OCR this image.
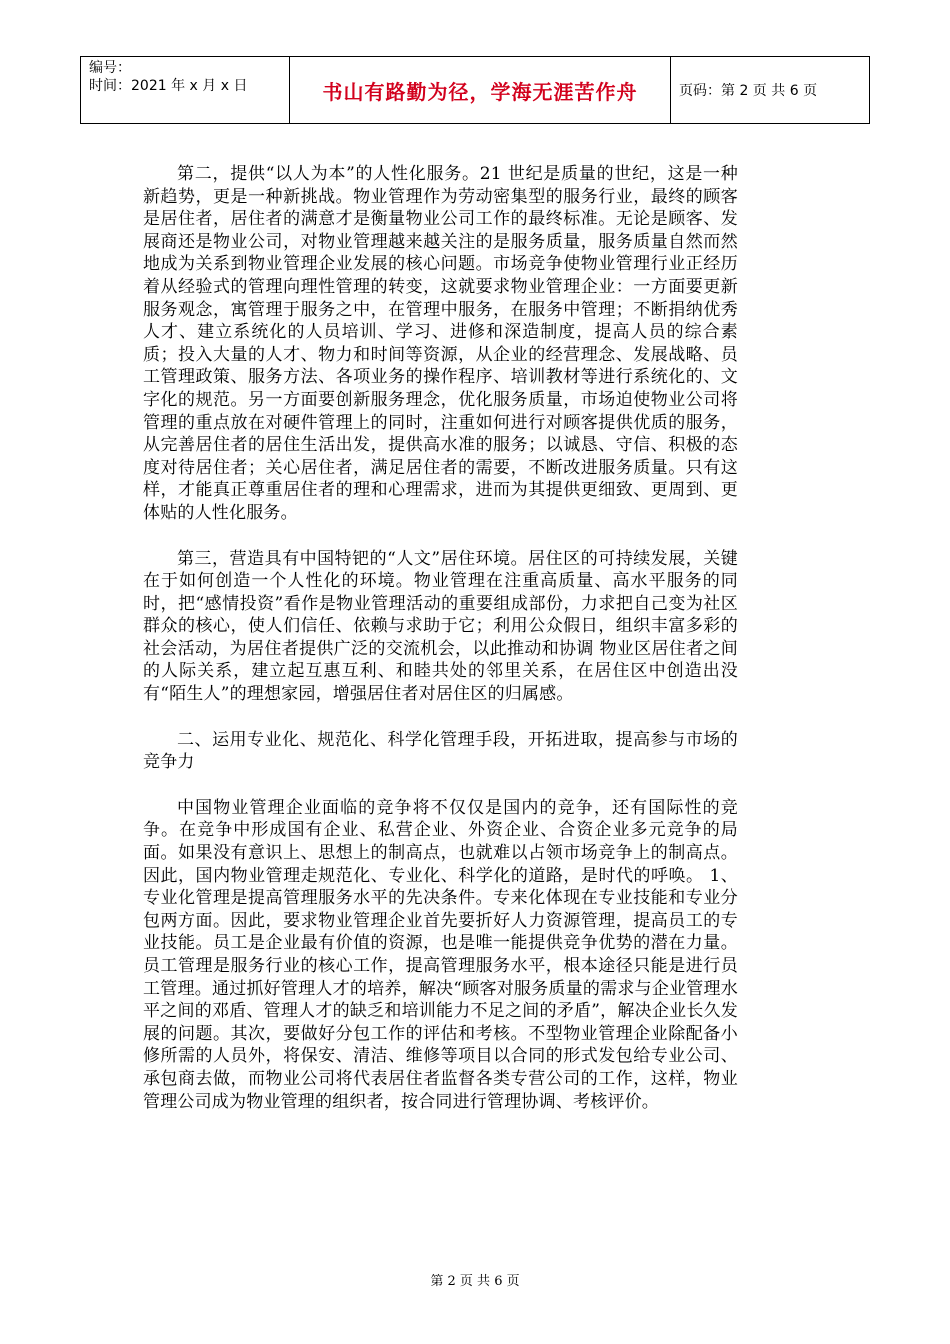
编号：
时间：2021 年 x 月 x 日	书山有路勤为径，学海无涯苦作舟	页码：第 2 页 共 6 页

第二，提供“以人为本”的人性化服务。21 世纪是质量的世纪，这是一种新趋势，更是一种新挑战。物业管理作为劳动密集型的服务行业，最终的顾客是居住者，居住者的满意才是衡量物业公司工作的最终标准。无论是顾客、发展商还是物业公司，对物业管理越来越关注的是服务质量，服务质量自然而然地成为关系到物业管理企业发展的核心问题。市场竞争使物业管理行业正经历着从经验式的管理向理性管理的转变，这就要求物业管理企业：一方面要更新服务观念，寓管理于服务之中，在管理中服务，在服务中管理；不断捐纳优秀人才、建立系统化的人员培训、学习、进修和深造制度，提高人员的综合素质；投入大量的人才、物力和时间等资源，从企业的经营理念、发展战略、员工管理政策、服务方法、各项业务的操作程序、培训教材等进行系统化的、文字化的规范。另一方面要创新服务理念，优化服务质量，市场迫使物业公司将管理的重点放在对硬件管理上的同时，注重如何进行对顾客提供优质的服务，从完善居住者的居住生活出发，提供高水准的服务；以诚恳、守信、积极的态度对待居住者；关心居住者，满足居住者的需要，不断改进服务质量。只有这样，才能真正尊重居住者的理和心理需求，进而为其提供更细致、更周到、更体贴的人性化服务。

第三，营造具有中国特钯的“人文”居住环境。居住区的可持续发展，关键在于如何创造一个人性化的环境。物业管理在注重高质量、高水平服务的同时，把“感情投资”看作是物业管理活动的重要组成部份，力求把自己变为社区群众的核心，使人们信任、依赖与求助于它；利用公众假日，组织丰富多彩的社会活动，为居住者提供广泛的交流机会，以此推动和协调 物业区居住者之间的人际关系，建立起互惠互利、和睦共处的邻里关系，在居住区中创造出没有“陌生人”的理想家园，增强居住者对居住区的归属感。

二、运用专业化、规范化、科学化管理手段，开拓进取，提高参与市场的竞争力

中国物业管理企业面临的竞争将不仅仅是国内的竞争，还有国际性的竞争。在竞争中形成国有企业、私营企业、外资企业、合资企业多元竞争的局面。如果没有意识上、思想上的制高点，也就难以占领市场竞争上的制高点。因此，国内物业管理走规范化、专业化、科学化的道路，是时代的呼唤。 1、专业化管理是提高管理服务水平的先决条件。专来化体现在专业技能和专业分包两方面。因此，要求物业管理企业首先要折好人力资源管理，提高员工的专业技能。员工是企业最有价值的资源，也是唯一能提供竞争优势的潜在力量。员工管理是服务行业的核心工作，提高管理服务水平，根本途径只能是进行员工管理。通过抓好管理人才的培养，解决“顾客对服务质量的需求与企业管理水平之间的邓盾、管理人才的缺乏和培训能力不足之间的矛盾”，解决企业长久发展的问题。其次，要做好分包工作的评估和考核。不型物业管理企业除配备小修所需的人员外，将保安、清洁、维修等项目以合同的形式发包给专业公司、承包商去做，而物业公司将代表居住者监督各类专营公司的工作，这样，物业管理公司成为物业管理的组织者，按合同进行管理协调、考核评价。

第 2 页 共 6 页
